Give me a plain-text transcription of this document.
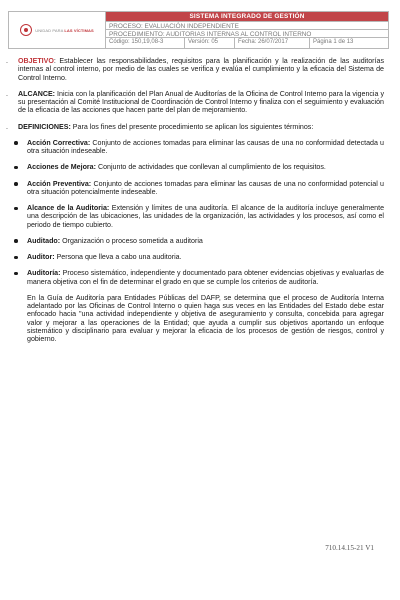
UNIDAD PARA LAS VÍCTIMAS
SISTEMA INTEGRADO DE GESTIÓN
PROCESO: EVALUACIÓN INDEPENDIENTE
PROCEDIMIENTO: AUDITORIAS INTERNAS AL CONTROL INTERNO
Código: 150,19,08-3	Versión: 05	Fecha: 26/07/2017	Página 1 de 13
. OBJETIVO: Establecer las responsabilidades, requisitos para la planificación y la realización de las auditorías internas al control interno, por medio de las cuales se verifica y evalúa el cumplimiento y la eficacia del Sistema de Control Interno.
. ALCANCE: Inicia con la planificación del Plan Anual de Auditorías de la Oficina de Control Interno para la vigencia y su presentación al Comité Institucional de Coordinación de Control Interno y finaliza con el seguimiento y evaluación de la eficacia de las acciones que hacen parte del plan de mejoramiento.
. DEFINICIONES: Para los fines del presente procedimiento se aplican los siguientes términos:
Acción Correctiva: Conjunto de acciones tomadas para eliminar las causas de una no conformidad detectada u otra situación indeseable.
Acciones de Mejora: Conjunto de actividades que conllevan al cumplimiento de los requisitos.
Acción Preventiva: Conjunto de acciones tomadas para eliminar las causas de una no conformidad potencial u otra situación potencialmente indeseable.
Alcance de la Auditoria: Extensión y límites de una auditoría. El alcance de la auditoría incluye generalmente una descripción de las ubicaciones, las unidades de la organización, las actividades y los procesos, así como el periodo de tiempo cubierto.
Auditado: Organización o proceso sometida a auditoria
Auditor: Persona que lleva a cabo una auditoria.
Auditoría: Proceso sistemático, independiente y documentado para obtener evidencias objetivas y evaluarlas de manera objetiva con el fin de determinar el grado en que se cumple los criterios de auditoría.
En la Guía de Auditoría para Entidades Públicas del DAFP, se determina que el proceso de Auditoría Interna adelantado por las Oficinas de Control Interno o quien haga sus veces en las Entidades del Estado debe estar enfocado hacia "una actividad independiente y objetiva de aseguramiento y consulta, concebida para agregar valor y mejorar a las operaciones de la Entidad; que ayuda a cumplir sus objetivos aportando un enfoque sistemático y disciplinario para evaluar y mejorar la eficacia de los procesos de gestión de riesgos, control y gobierno.
710.14.15-21 V1
